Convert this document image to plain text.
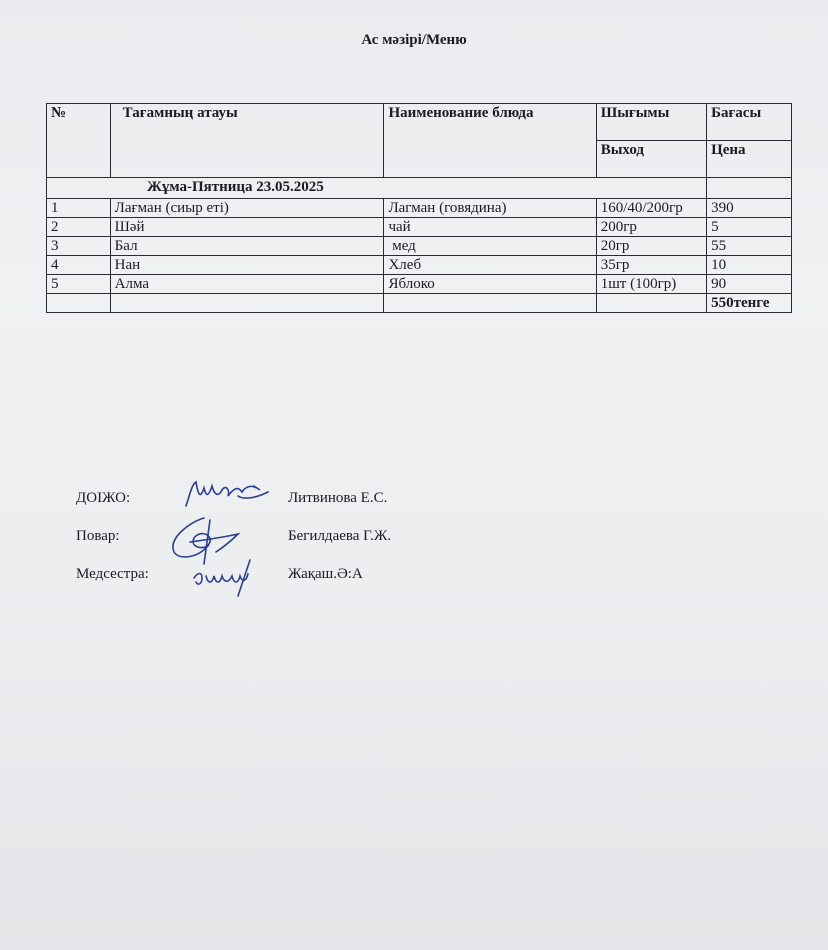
Ас мәзірі/Меню
№	Тағамның атауы	Наименование блюда	Шығымы	Бағасы
			Выход	Цена
Жұма-Пятница 23.05.2025				
1	Лағман (сиыр еті)	Лагман (говядина)	160/40/200гр	390
2	Шәй	чай	200гр	5
3	Бал	мед	20гр	55
4	Нан	Хлеб	35гр	10
5	Алма	Яблоко	1шт (100гр)	90
				550тенге
ДОІЖО:	Литвинова Е.С.
Повар:	Бегилдаева Г.Ж.
Медсестра:	Жақаш.Ә:А
